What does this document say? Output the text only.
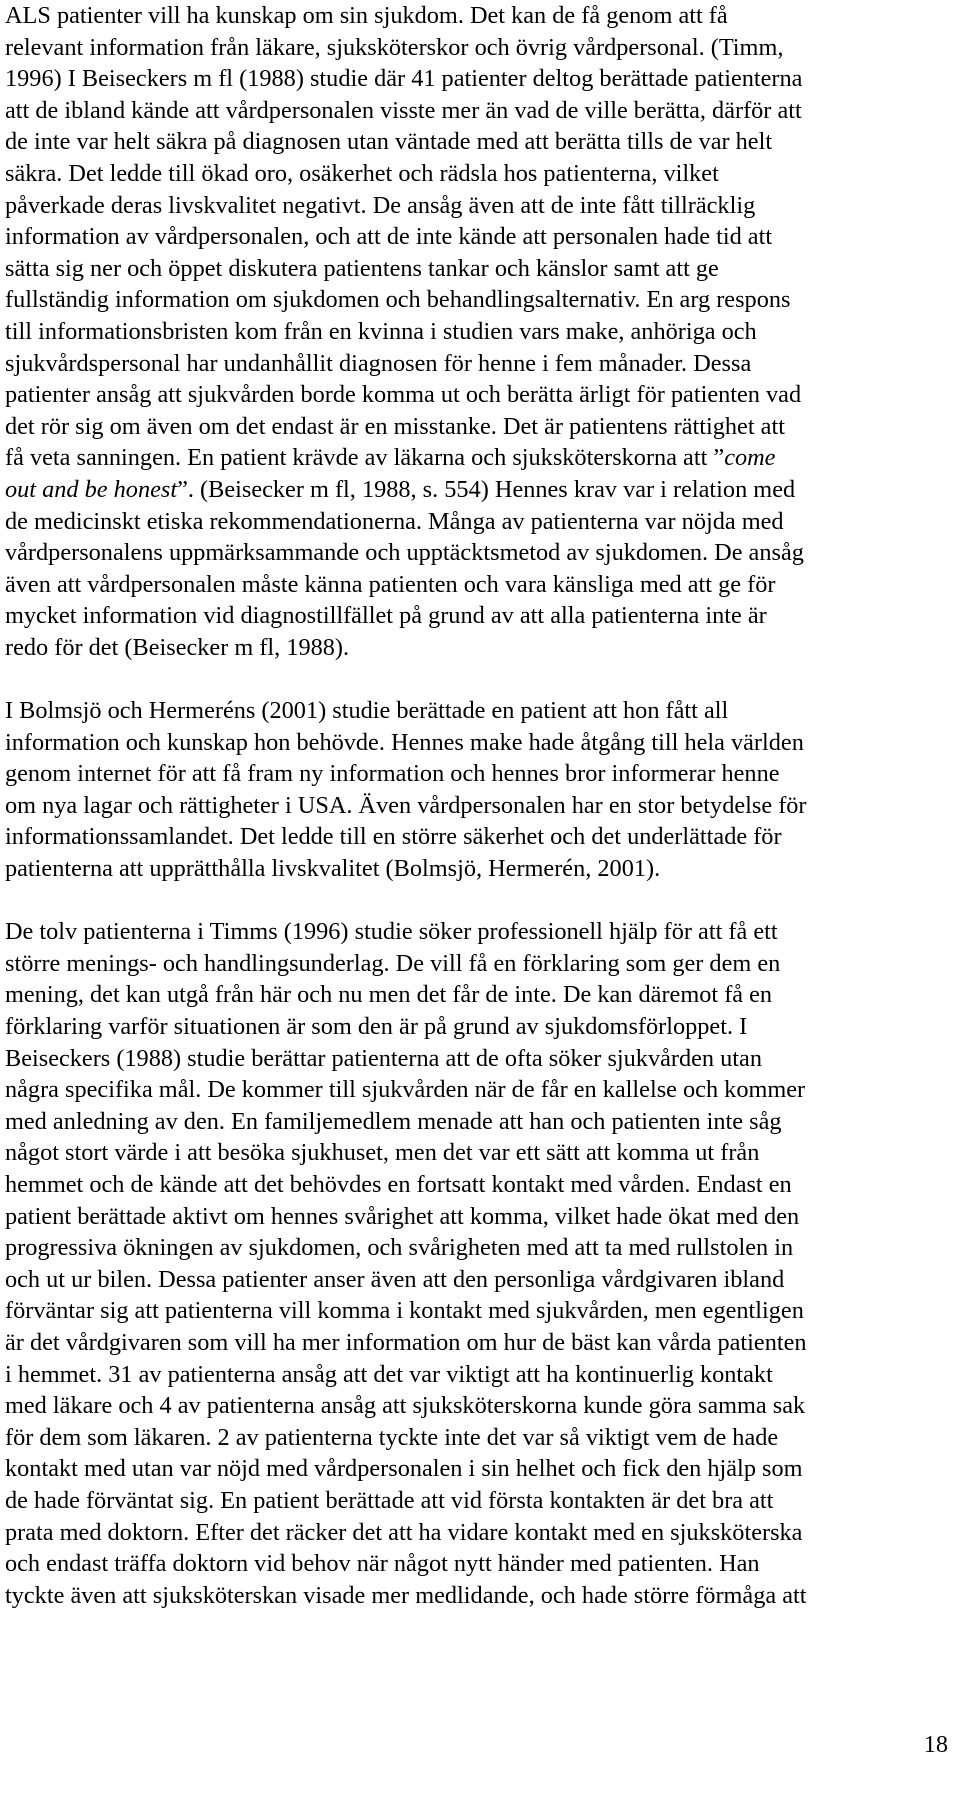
ALS patienter vill ha kunskap om sin sjukdom. Det kan de få genom att få
relevant information från läkare, sjuksköterskor och övrig vårdpersonal. (Timm,
1996) I Beiseckers m fl (1988) studie där 41 patienter deltog berättade patienterna
att de ibland kände att vårdpersonalen visste mer än vad de ville berätta, därför att
de inte var helt säkra på diagnosen utan väntade med att berätta tills de var helt
säkra. Det ledde till ökad oro, osäkerhet och rädsla hos patienterna, vilket
påverkade deras livskvalitet negativt. De ansåg även att de inte fått tillräcklig
information av vårdpersonalen, och att de inte kände att personalen hade tid att
sätta sig ner och öppet diskutera patientens tankar och känslor samt att ge
fullständig information om sjukdomen och behandlingsalternativ. En arg respons
till informationsbristen kom från en kvinna i studien vars make, anhöriga och
sjukvårdspersonal har undanhållit diagnosen för henne i fem månader. Dessa
patienter ansåg att sjukvården borde komma ut och berätta ärligt för patienten vad
det rör sig om även om det endast är en misstanke. Det är patientens rättighet att
få veta sanningen. En patient krävde av läkarna och sjuksköterskorna att ”come
out and be honest”. (Beisecker m fl, 1988, s. 554) Hennes krav var i relation med
de medicinskt etiska rekommendationerna. Många av patienterna var nöjda med
vårdpersonalens uppmärksammande och upptäcktsmetod av sjukdomen. De ansåg
även att vårdpersonalen måste känna patienten och vara känsliga med att ge för
mycket information vid diagnostillfället på grund av att alla patienterna inte är
redo för det (Beisecker m fl, 1988).

I Bolmsjö och Hermeréns (2001) studie berättade en patient att hon fått all
information och kunskap hon behövde. Hennes make hade åtgång till hela världen
genom internet för att få fram ny information och hennes bror informerar henne
om nya lagar och rättigheter i USA. Även vårdpersonalen har en stor betydelse för
informationssamlandet. Det ledde till en större säkerhet och det underlättade för
patienterna att upprätthålla livskvalitet (Bolmsjö, Hermerén, 2001).

De tolv patienterna i Timms (1996) studie söker professionell hjälp för att få ett
större menings- och handlingsunderlag. De vill få en förklaring som ger dem en
mening, det kan utgå från här och nu men det får de inte. De kan däremot få en
förklaring varför situationen är som den är på grund av sjukdomsförloppet. I
Beiseckers (1988) studie berättar patienterna att de ofta söker sjukvården utan
några specifika mål. De kommer till sjukvården när de får en kallelse och kommer
med anledning av den. En familjemedlem menade att han och patienten inte såg
något stort värde i att besöka sjukhuset, men det var ett sätt att komma ut från
hemmet och de kände att det behövdes en fortsatt kontakt med vården. Endast en
patient berättade aktivt om hennes svårighet att komma, vilket hade ökat med den
progressiva ökningen av sjukdomen, och svårigheten med att ta med rullstolen in
och ut ur bilen. Dessa patienter anser även att den personliga vårdgivaren ibland
förväntar sig att patienterna vill komma i kontakt med sjukvården, men egentligen
är det vårdgivaren som vill ha mer information om hur de bäst kan vårda patienten
i hemmet. 31 av patienterna ansåg att det var viktigt att ha kontinuerlig kontakt
med läkare och 4 av patienterna ansåg att sjuksköterskorna kunde göra samma sak
för dem som läkaren. 2 av patienterna tyckte inte det var så viktigt vem de hade
kontakt med utan var nöjd med vårdpersonalen i sin helhet och fick den hjälp som
de hade förväntat sig. En patient berättade att vid första kontakten är det bra att
prata med doktorn. Efter det räcker det att ha vidare kontakt med en sjuksköterska
och endast träffa doktorn vid behov när något nytt händer med patienten. Han
tyckte även att sjuksköterskan visade mer medlidande, och hade större förmåga att

18
